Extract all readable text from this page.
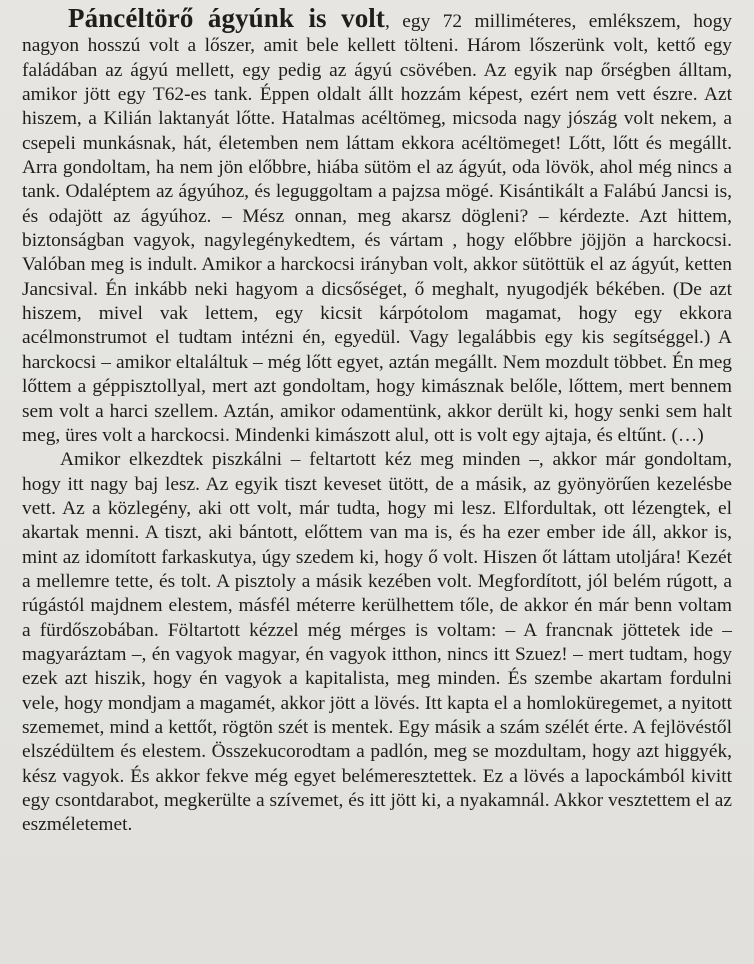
Páncéltörő ágyúnk is volt, egy 72 milliméteres, emlékszem, hogy nagyon hosszú volt a lőszer, amit bele kellett tölteni. Három lőszerünk volt, kettő egy faládában az ágyú mellett, egy pedig az ágyú csövében. Az egyik nap őrségben álltam, amikor jött egy T62-es tank. Éppen oldalt állt hozzám képest, ezért nem vett észre. Azt hiszem, a Kilián laktanyát lőtte. Hatalmas acéltömeg, micsoda nagy jószág volt nekem, a csepeli munkásnak, hát, életemben nem láttam ekkora acéltömeget! Lőtt, lőtt és megállt. Arra gondoltam, ha nem jön előbbre, hiába sütöm el az ágyút, oda lövök, ahol még nincs a tank. Odaléptem az ágyúhoz, és leguggoltam a pajzsa mögé. Kisántikált a Falábú Jancsi is, és odajött az ágyúhoz. – Mész onnan, meg akarsz dögleni? – kérdezte. Azt hittem, biztonságban vagyok, nagylegénykedtem, és vártam , hogy előbbre jöjjön a harckocsi. Valóban meg is indult. Amikor a harckocsi irányban volt, akkor sütöttük el az ágyút, ketten Jancsival. Én inkább neki hagyom a dicsőséget, ő meghalt, nyugodjék békében. (De azt hiszem, mivel vak lettem, egy kicsit kárpótolom magamat, hogy egy ekkora acélmonstrumot el tudtam intézni én, egyedül. Vagy legalábbis egy kis segítséggel.) A harckocsi – amikor eltaláltuk – még lőtt egyet, aztán megállt. Nem mozdult többet. Én meg lőttem a géppisztollyal, mert azt gondoltam, hogy kimásznak belőle, lőttem, mert bennem sem volt a harci szellem. Aztán, amikor odamentünk, akkor derült ki, hogy senki sem halt meg, üres volt a harckocsi. Mindenki kimászott alul, ott is volt egy ajtaja, és eltűnt. (…)

Amikor elkezdtek piszkálni – feltartott kéz meg minden –, akkor már gondoltam, hogy itt nagy baj lesz. Az egyik tiszt keveset ütött, de a másik, az gyönyörűen kezelésbe vett. Az a közlegény, aki ott volt, már tudta, hogy mi lesz. Elfordultak, ott lézengtek, el akartak menni. A tiszt, aki bántott, előttem van ma is, és ha ezer ember ide áll, akkor is, mint az idomított farkaskutya, úgy szedem ki, hogy ő volt. Hiszen őt láttam utoljára! Kezét a mellemre tette, és tolt. A pisztoly a másik kezében volt. Megfordított, jól belém rúgott, a rúgástól majdnem elestem, másfél méterre kerülhettem tőle, de akkor én már benn voltam a fürdőszobában. Föltartott kézzel még mérges is voltam: – A francnak jöttetek ide – magyaráztam –, én vagyok magyar, én vagyok itthon, nincs itt Szuez! – mert tudtam, hogy ezek azt hiszik, hogy én vagyok a kapitalista, meg minden. És szembe akartam fordulni vele, hogy mondjam a magamét, akkor jött a lövés. Itt kapta el a homloküregemet, a nyitott szememet, mind a kettőt, rögtön szét is mentek. Egy másik a szám szélét érte. A fejlövéstől elszédültem és elestem. Összekucorodtam a padlón, meg se mozdultam, hogy azt higgyék, kész vagyok. És akkor fekve még egyet belémeresztettek. Ez a lövés a lapockámból kivitt egy csontdarabot, megkerülte a szívemet, és itt jött ki, a nyakamnál. Akkor vesztettem el az eszméletemet.
